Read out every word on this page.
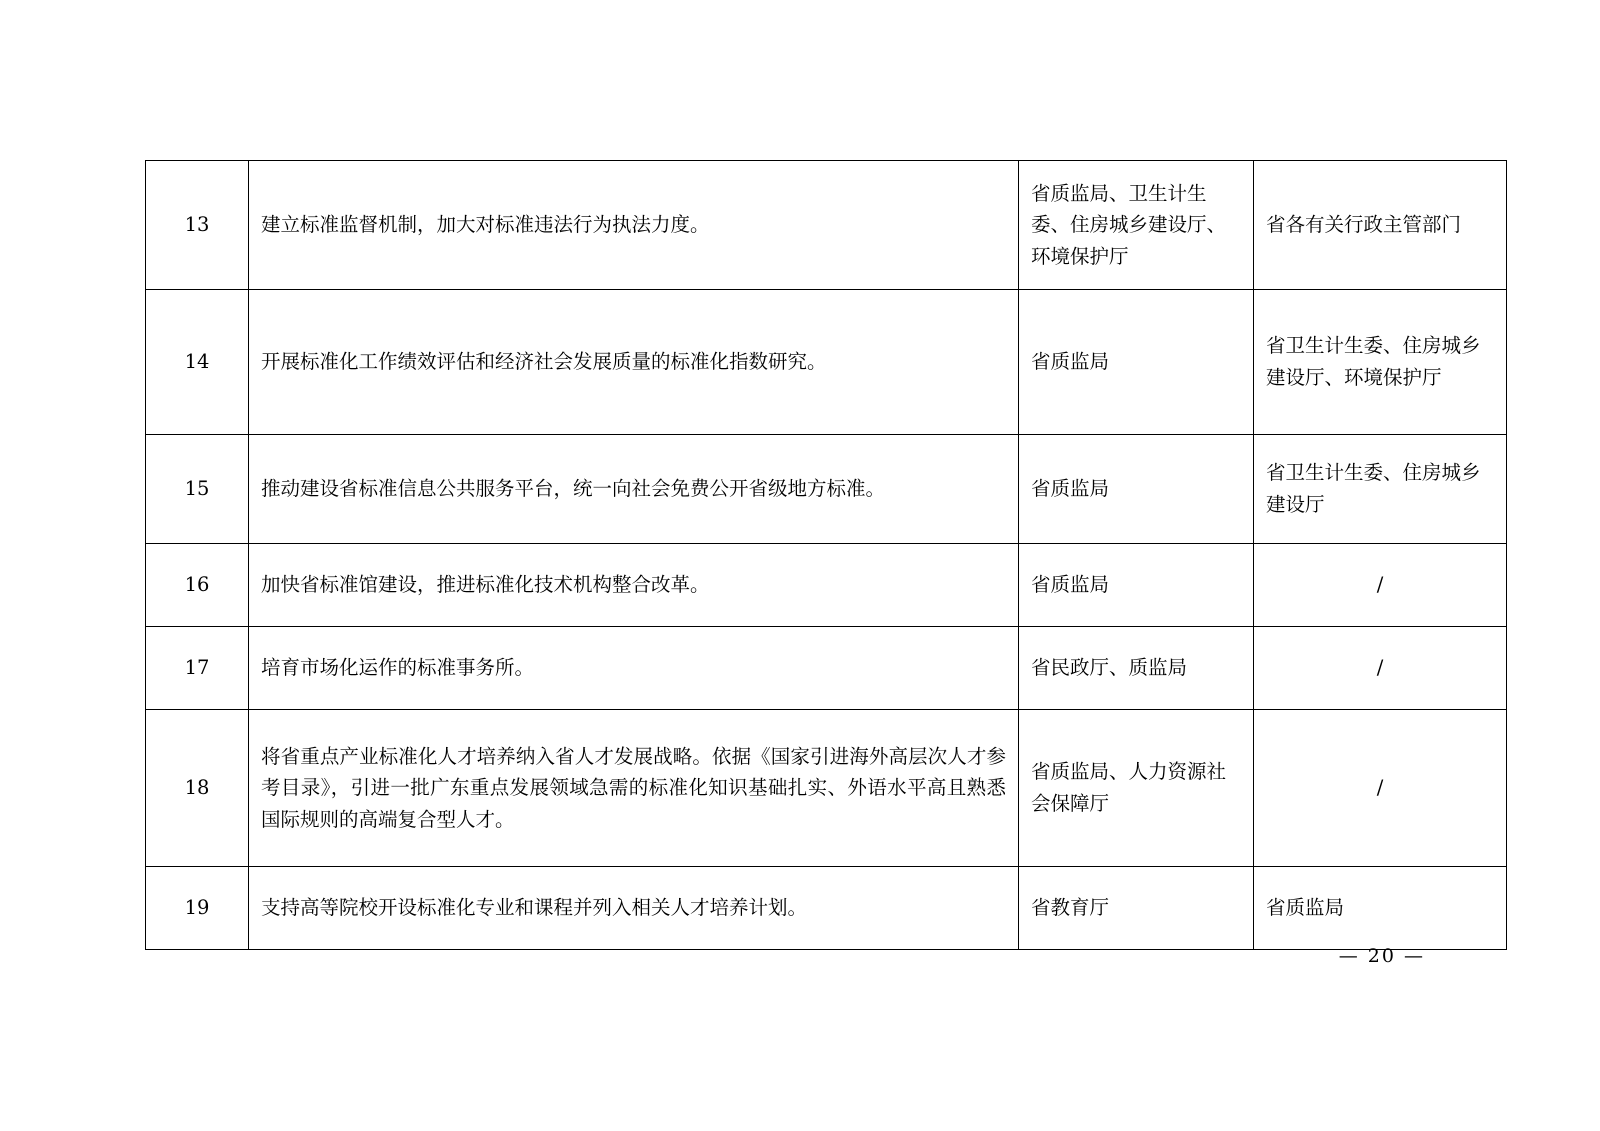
13	建立标准监督机制，加大对标准违法行为执法力度。	省质监局、卫生计生委、住房城乡建设厅、环境保护厅	省各有关行政主管部门
14	开展标准化工作绩效评估和经济社会发展质量的标准化指数研究。	省质监局	省卫生计生委、住房城乡建设厅、环境保护厅
15	推动建设省标准信息公共服务平台，统一向社会免费公开省级地方标准。	省质监局	省卫生计生委、住房城乡建设厅
16	加快省标准馆建设，推进标准化技术机构整合改革。	省质监局	/
17	培育市场化运作的标准事务所。	省民政厅、质监局	/
18	将省重点产业标准化人才培养纳入省人才发展战略。依据《国家引进海外高层次人才参考目录》，引进一批广东重点发展领域急需的标准化知识基础扎实、外语水平高且熟悉国际规则的高端复合型人才。	省质监局、人力资源社会保障厅	/
19	支持高等院校开设标准化专业和课程并列入相关人才培养计划。	省教育厅	省质监局
— 20 —
